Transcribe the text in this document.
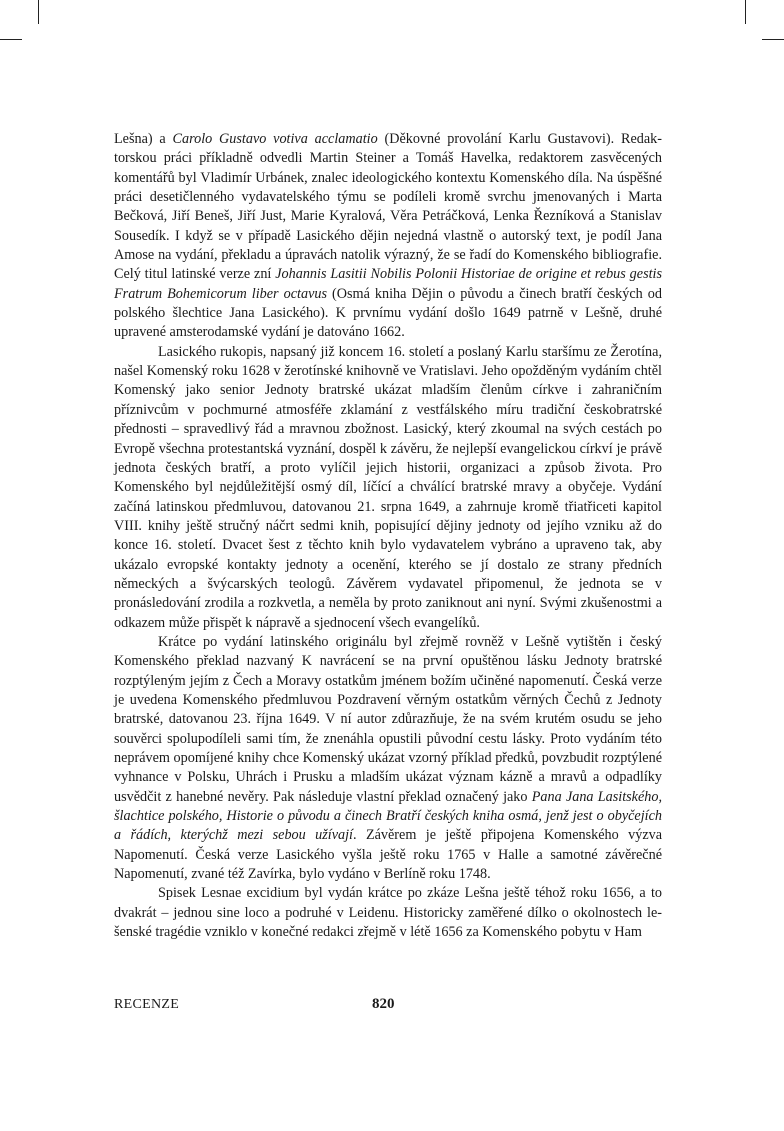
Lešna) a Carolo Gustavo votiva acclamatio (Děkovné provolání Karlu Gustavovi). Redaktorskou práci příkladně odvedli Martin Steiner a Tomáš Havelka, redaktorem zasvěcených komentářů byl Vladimír Urbánek, znalec ideologického kontextu Komenského díla. Na úspěšné práci desetičlenného vydavatelského týmu se podíleli kromě svrchu jmenovaných i Marta Bečková, Jiří Beneš, Jiří Just, Marie Kyralová, Věra Petráčková, Lenka Řezníková a Stanislav Sousedík. I když se v případě Lasického dějin nejedná vlastně o autorský text, je podíl Jana Amose na vydání, překladu a úpravách natolik výrazný, že se řadí do Komenského bibliografie. Celý titul latinské verze zní Johannis Lasitii Nobilis Polonii Historiae de origine et rebus gestis Fratrum Bohemicorum liber octavus (Osmá kniha Dějin o původu a činech bratří českých od polského šlechtice Jana Lasického). K prvnímu vydání došlo 1649 patrně v Lešně, druhé upravené amsterodamské vydání je datováno 1662.

Lasického rukopis, napsaný již koncem 16. století a poslaný Karlu staršímu ze Žerotína, našel Komenský roku 1628 v žerotínské knihovně ve Vratislavi. Jeho opožděným vydáním chtěl Komenský jako senior Jednoty bratrské ukázat mladším členům církve i zahraničním příznivcům v pochmurné atmosféře zklamání z vestfálského míru tradiční českobratrské přednosti – spravedlivý řád a mravnou zbožnost. Lasický, který zkoumal na svých cestách po Evropě všechna protestantská vyznání, dospěl k závěru, že nejlepší evangelickou církví je právě jednota českých bratří, a proto vylíčil jejich historii, organizaci a způsob života. Pro Komenského byl nejdůležitější osmý díl, líčící a chválící bratrské mravy a obyčeje. Vydání začíná latinskou předmluvou, datovanou 21. srpna 1649, a zahrnuje kromě třiatřiceti kapitol VIII. knihy ještě stručný náčrt sedmi knih, popisující dějiny jednoty od jejího vzniku až do konce 16. století. Dvacet šest z těchto knih bylo vydavatelem vybráno a upraveno tak, aby ukázalo evropské kontakty jednoty a ocenění, kterého se jí dostalo ze strany předních německých a švýcarských teologů. Závěrem vydavatel připomenul, že jednota se v pronásledování zrodila a rozkvetla, a neměla by proto zaniknout ani nyní. Svými zkušenostmi a odkazem může přispět k nápravě a sjednocení všech evangelíků.

Krátce po vydání latinského originálu byl zřejmě rovněž v Lešně vytištěn i český Komenského překlad nazvaný K navrácení se na první opuštěnou lásku Jednoty bratrské rozptýleným jejím z Čech a Moravy ostatkům jménem božím učiněné napomenutí. Česká verze je uvedena Komenského předmluvou Pozdravení věrným ostatkům věrných Čechů z Jednoty bratrské, datovanou 23. října 1649. V ní autor zdůrazňuje, že na svém krutém osudu se jeho souvěrci spolupodíleli sami tím, že znenáhla opustili původní cestu lásky. Proto vydáním této neprávem opomíjené knihy chce Komenský ukázat vzorný příklad předků, povzbudit rozptýlené vyhnance v Polsku, Uhrách i Prusku a mladším ukázat význam kázně a mravů a odpadlíky usvědčit z hanebné nevěry. Pak následuje vlastní překlad označený jako Pana Jana Lasitského, šlachtice polského, Historie o původu a činech Bratří českých kniha osmá, jenž jest o obyčejích a řádích, kterýchž mezi sebou užívají. Závěrem je ještě připojena Komenského výzva Napomenutí. Česká verze Lasického vyšla ještě roku 1765 v Halle a samotné závěrečné Napomenutí, zvané též Zavírka, bylo vydáno v Berlíně roku 1748.

Spisek Lesnae excidium byl vydán krátce po zkáze Lešna ještě téhož roku 1656, a to dvakrát – jednou sine loco a podruhé v Leidenu. Historicky zaměřené dílko o okolnostech lešenské tragédie vzniklo v konečné redakci zřejmě v létě 1656 za Komenského pobytu v Ham

RECENZE	820
